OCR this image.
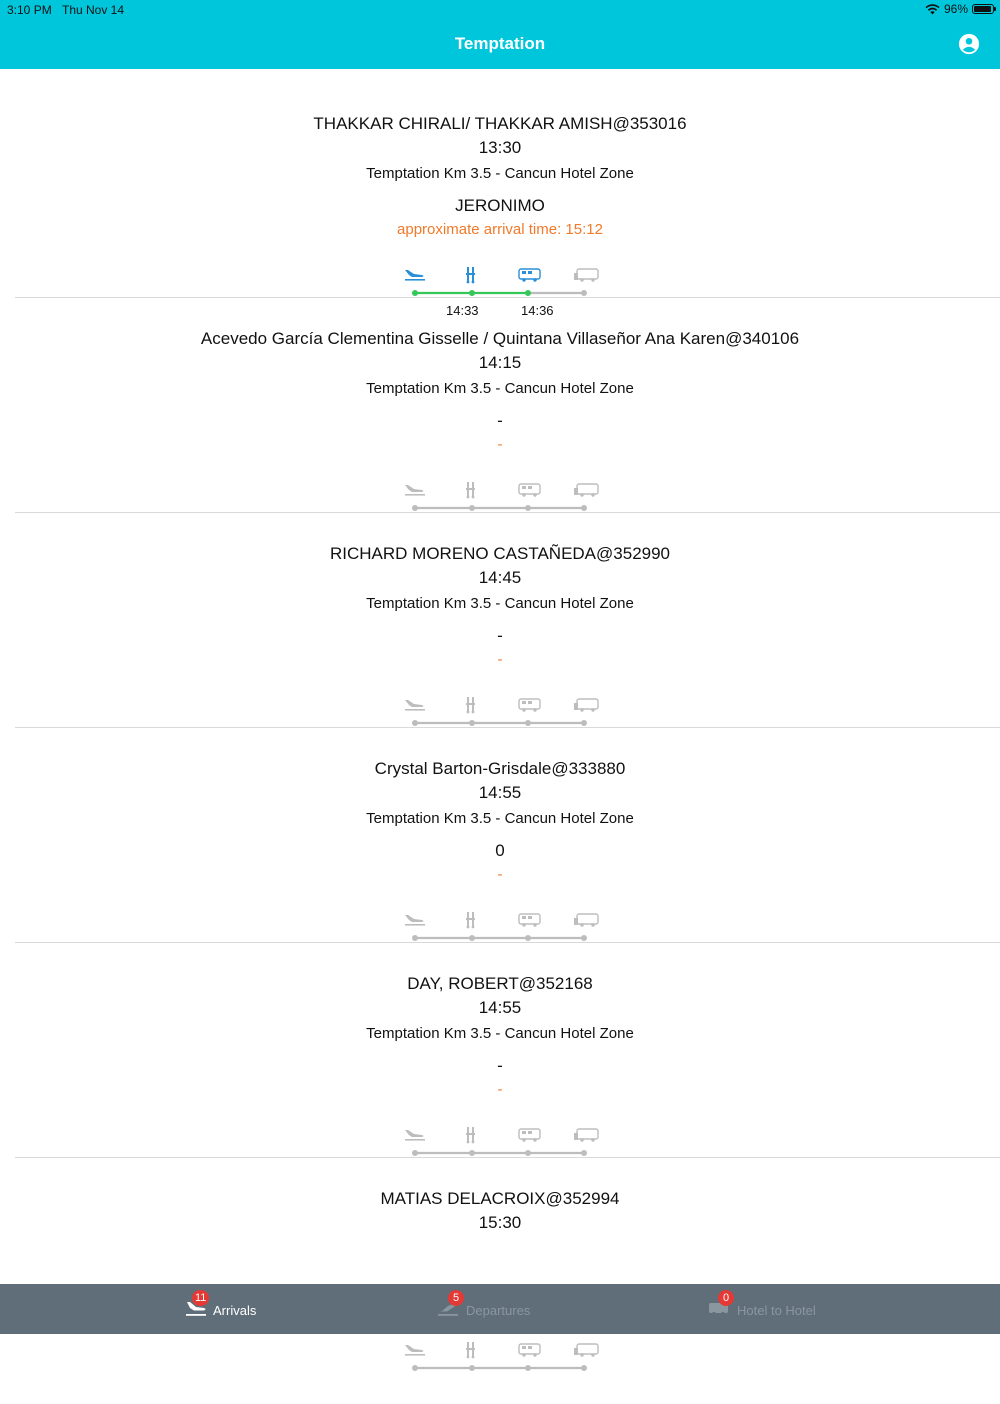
3:10 PM Thu Nov 14	96%
Temptation
THAKKAR CHIRALI/ THAKKAR AMISH@353016
13:30
Temptation Km 3.5 - Cancun Hotel Zone
JERONIMO
approximate arrival time: 15:12
14:33	14:36
Acevedo García Clementina Gisselle / Quintana Villaseñor Ana Karen@340106
14:15
Temptation Km 3.5 - Cancun Hotel Zone
-
-
RICHARD MORENO CASTAÑEDA@352990
14:45
Temptation Km 3.5 - Cancun Hotel Zone
-
-
Crystal Barton-Grisdale@333880
14:55
Temptation Km 3.5 - Cancun Hotel Zone
0
-
DAY, ROBERT@352168
14:55
Temptation Km 3.5 - Cancun Hotel Zone
-
-
MATIAS DELACROIX@352994
15:30
11
Arrivals
5
Departures
0
Hotel to Hotel
